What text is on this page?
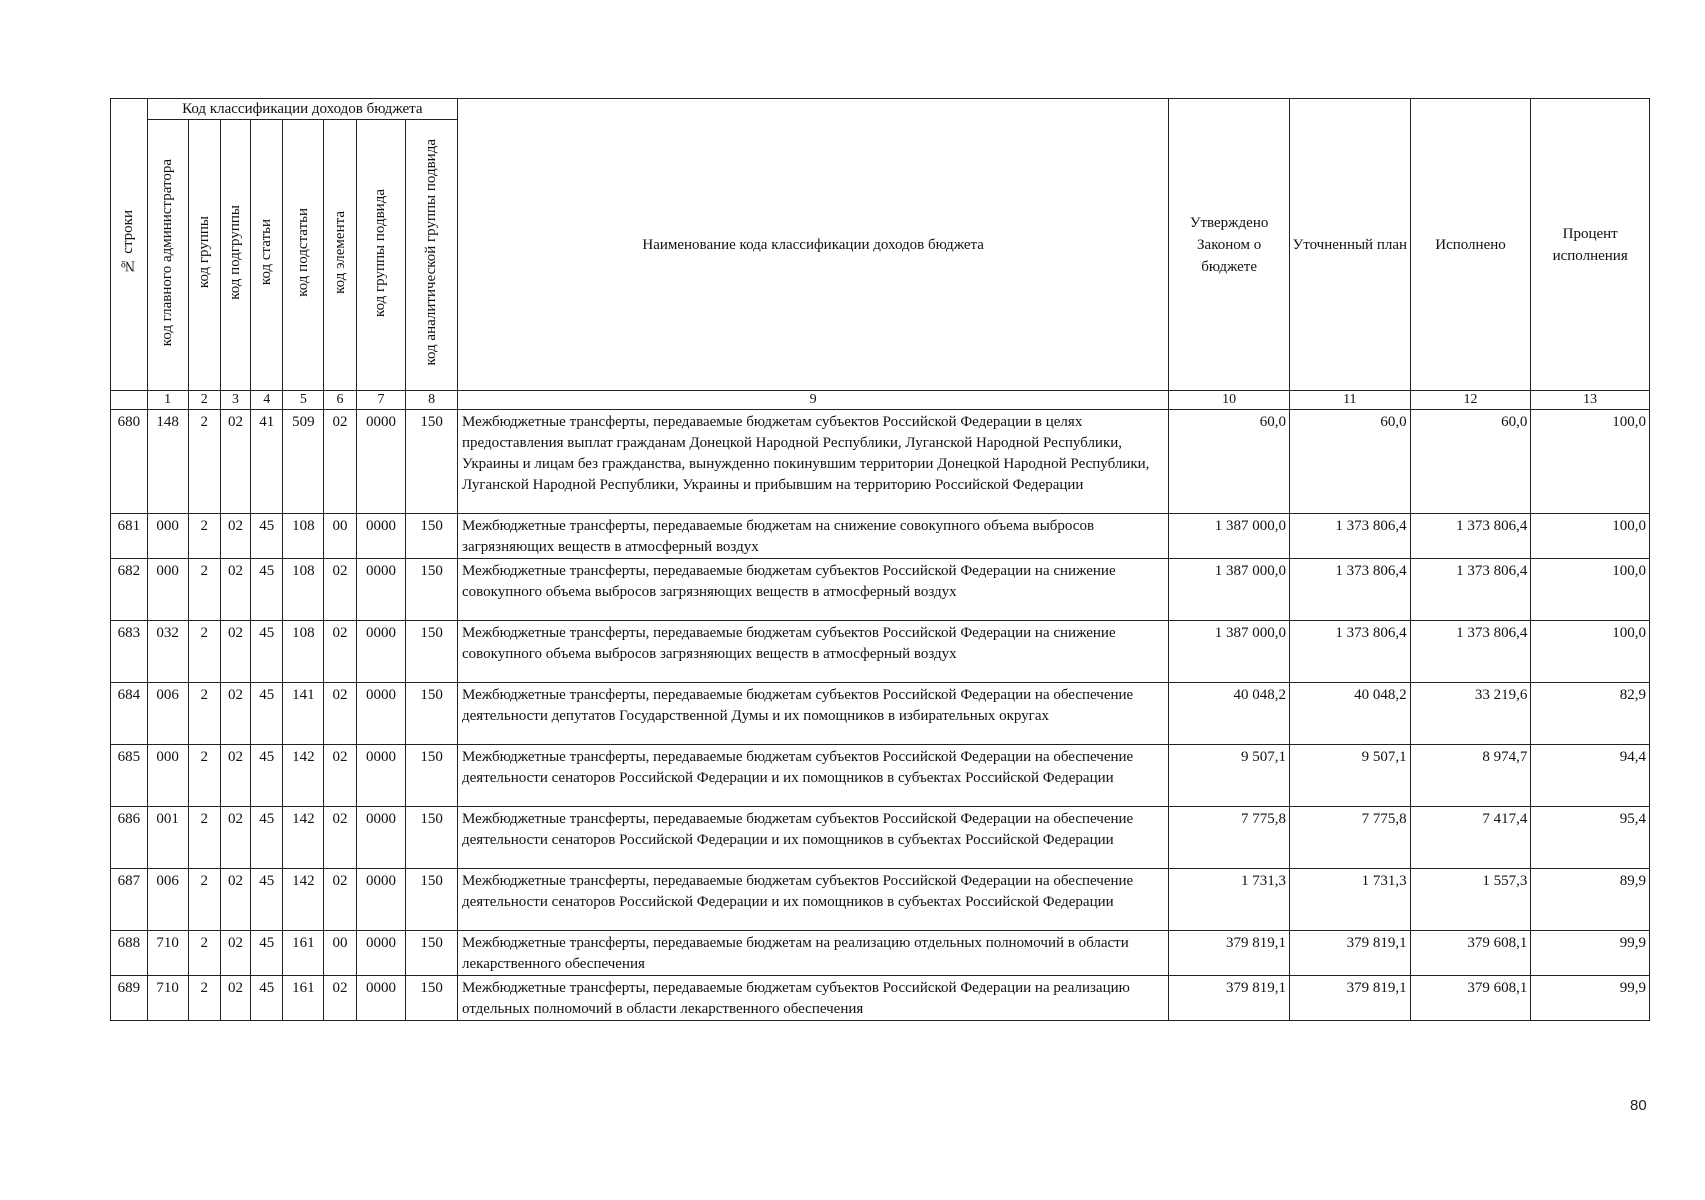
№ строки	Код классификации доходов бюджета								Наименование кода классификации доходов бюджета	Утверждено Законом о бюджете	Уточненный план	Исполнено	Процент исполнения
	код главного администратора	код группы	код подгруппы	код статьи	код подстатьи	код элемента	код группы подвида	код аналитической группы подвида					
	1	2	3	4	5	6	7	8	9	10	11	12	13
680	148	2	02	41	509	02	0000	150	Межбюджетные трансферты, передаваемые бюджетам субъектов Российской Федерации в целях предоставления выплат гражданам Донецкой Народной Республики, Луганской Народной Республики, Украины и лицам без гражданства, вынужденно покинувшим территории Донецкой Народной Республики, Луганской Народной Республики, Украины и прибывшим на территорию Российской Федерации	60,0	60,0	60,0	100,0
681	000	2	02	45	108	00	0000	150	Межбюджетные трансферты, передаваемые бюджетам на снижение совокупного объема выбросов загрязняющих веществ в атмосферный воздух	1 387 000,0	1 373 806,4	1 373 806,4	100,0
682	000	2	02	45	108	02	0000	150	Межбюджетные трансферты, передаваемые бюджетам субъектов Российской Федерации на снижение совокупного объема выбросов загрязняющих веществ в атмосферный воздух	1 387 000,0	1 373 806,4	1 373 806,4	100,0
683	032	2	02	45	108	02	0000	150	Межбюджетные трансферты, передаваемые бюджетам субъектов Российской Федерации на снижение совокупного объема выбросов загрязняющих веществ в атмосферный воздух	1 387 000,0	1 373 806,4	1 373 806,4	100,0
684	006	2	02	45	141	02	0000	150	Межбюджетные трансферты, передаваемые бюджетам субъектов Российской Федерации на обеспечение деятельности депутатов Государственной Думы и их помощников в избирательных округах	40 048,2	40 048,2	33 219,6	82,9
685	000	2	02	45	142	02	0000	150	Межбюджетные трансферты, передаваемые бюджетам субъектов Российской Федерации на обеспечение деятельности сенаторов Российской Федерации и их помощников в субъектах Российской Федерации	9 507,1	9 507,1	8 974,7	94,4
686	001	2	02	45	142	02	0000	150	Межбюджетные трансферты, передаваемые бюджетам субъектов Российской Федерации на обеспечение деятельности сенаторов Российской Федерации и их помощников в субъектах Российской Федерации	7 775,8	7 775,8	7 417,4	95,4
687	006	2	02	45	142	02	0000	150	Межбюджетные трансферты, передаваемые бюджетам субъектов Российской Федерации на обеспечение деятельности сенаторов Российской Федерации и их помощников в субъектах Российской Федерации	1 731,3	1 731,3	1 557,3	89,9
688	710	2	02	45	161	00	0000	150	Межбюджетные трансферты, передаваемые бюджетам на реализацию отдельных полномочий в области лекарственного обеспечения	379 819,1	379 819,1	379 608,1	99,9
689	710	2	02	45	161	02	0000	150	Межбюджетные трансферты, передаваемые бюджетам субъектов Российской Федерации на реализацию отдельных полномочий в области лекарственного обеспечения	379 819,1	379 819,1	379 608,1	99,9
80
